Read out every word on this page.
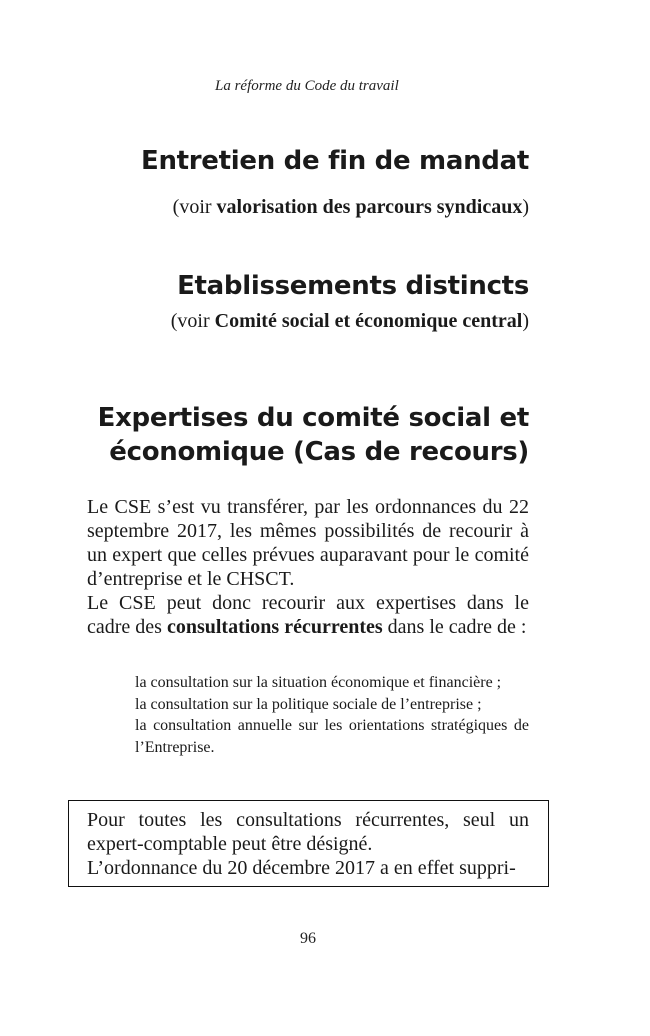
La réforme du Code du travail
Entretien de fin de mandat
(voir valorisation des parcours syndicaux)
Etablissements distincts
(voir Comité social et économique central)
Expertises du comité social et
économique (Cas de recours)

Le CSE s’est vu transférer, par les ordonnances du 22 septembre 2017, les mêmes possibilités de recourir à un expert que celles prévues auparavant pour le comité d’entreprise et le CHSCT.

Le CSE peut donc recourir aux expertises dans le cadre des consultations récurrentes dans le cadre de :

la consultation sur la situation économique et financière ;
la consultation sur la politique sociale de l’entreprise ;
la consultation annuelle sur les orientations stratégiques de l’Entreprise.

Pour toutes les consultations récurrentes, seul un expert-comptable peut être désigné.

L’ordonnance du 20 décembre 2017 a en effet suppri-

96
